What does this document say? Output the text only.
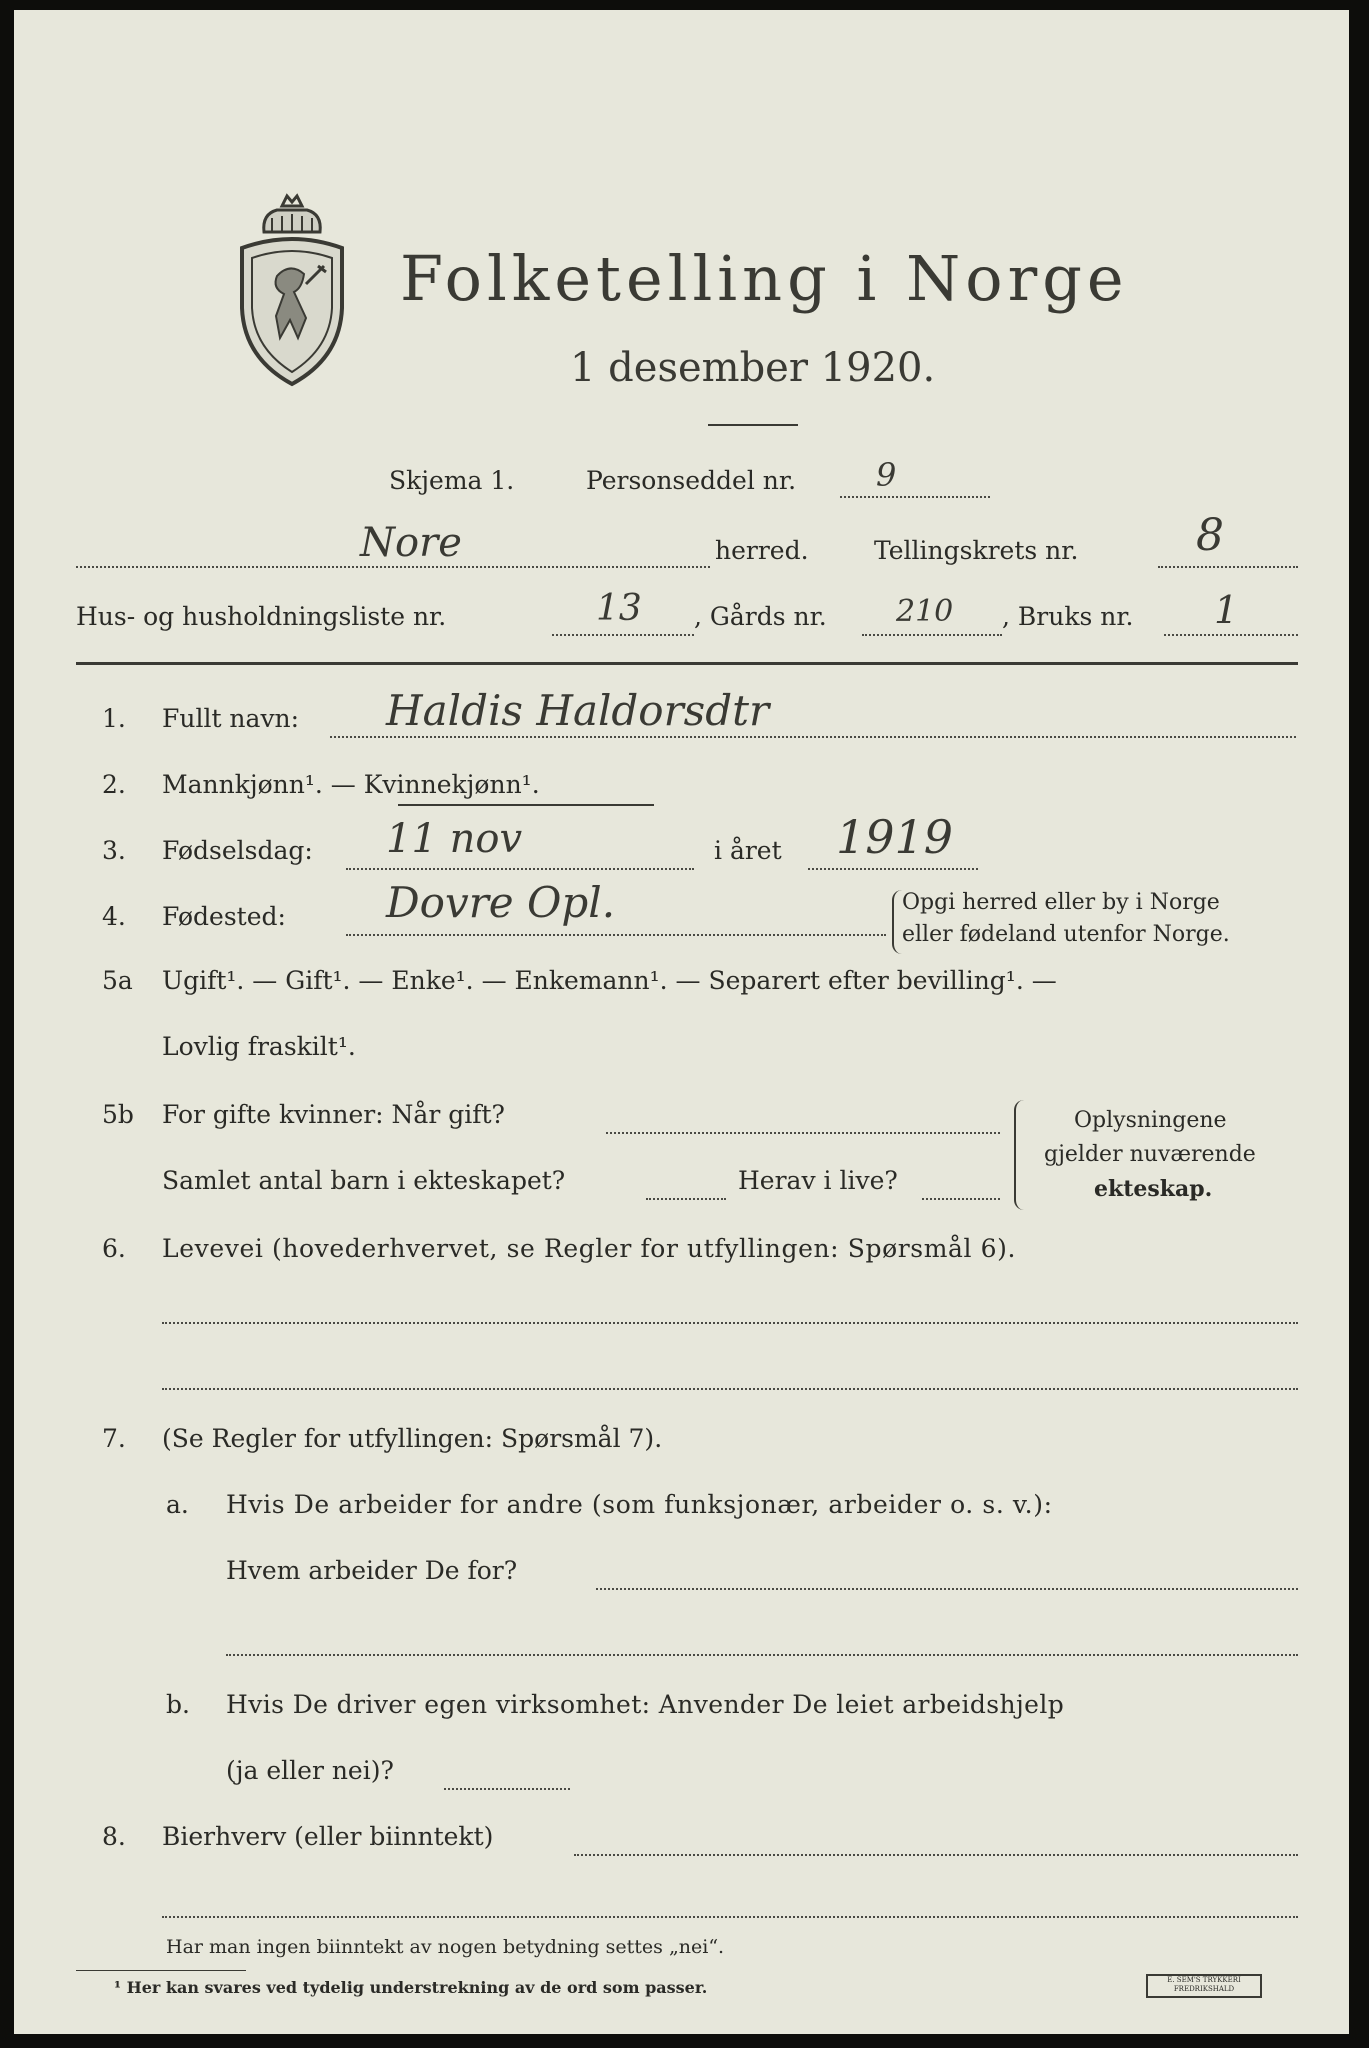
Folketelling i Norge
1 desember 1920.
Skjema 1.	Personseddel nr. 9
Nore	herred.	Tellingskrets nr.	8
Hus- og husholdningsliste nr.	13 , Gårds nr. 210 , Bruks nr. 1
1. Fullt navn: Haldis Haldorsdtr
2. Mannkjønn¹. — Kvinnekjønn¹.
3. Fødselsdag: 11 nov	i året 1919
4. Fødested: Dovre Opl.	Opgi herred eller by i Norge
eller fødeland utenfor Norge.
5a Ugift¹. — Gift¹. — Enke¹. — Enkemann¹. — Separert efter bevilling¹. —
Lovlig fraskilt¹.
5b For gifte kvinner: Når gift?
Samlet antal barn i ekteskapet?	Herav i live?
Oplysningene
gjelder nuværende
ekteskap.
6. Levevei (hovederhvervet, se Regler for utfyllingen: Spørsmål 6).
7. (Se Regler for utfyllingen: Spørsmål 7).
a. Hvis De arbeider for andre (som funksjonær, arbeider o. s. v.):
Hvem arbeider De for?
b. Hvis De driver egen virksomhet: Anvender De leiet arbeidshjelp
(ja eller nei)?
8. Bierhverv (eller biinntekt)
Har man ingen biinntekt av nogen betydning settes „nei“.
¹ Her kan svares ved tydelig understrekning av de ord som passer.	E. SEM'S TRYKKERI FREDRIKSHALD
